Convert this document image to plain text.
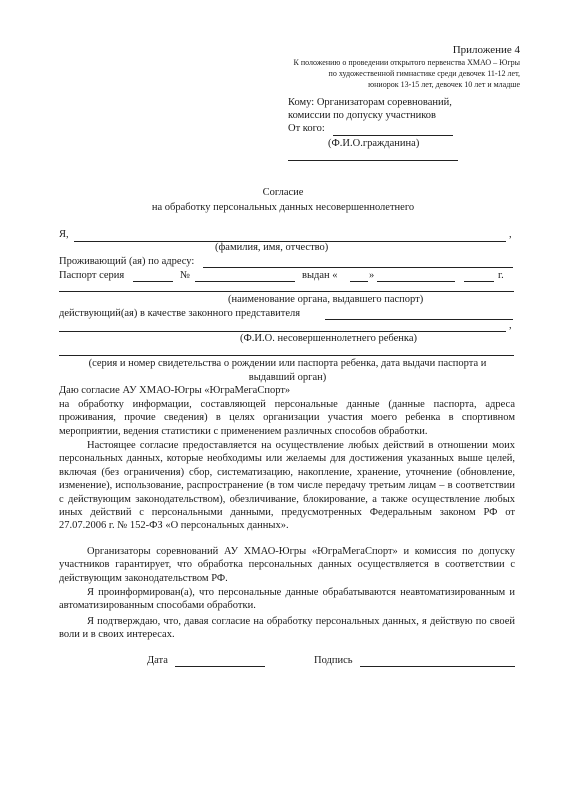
Приложение 4
К положению о проведении открытого первенства ХМАО – Югры
по художественной гимнастике среди девочек 11-12 лет,
юниорок 13-15 лет, девочек 10 лет и младше
Кому: Организаторам соревнований,
комиссии по допуску участников
От кого:
(Ф.И.О.гражданина)
Согласие
на обработку персональных данных несовершеннолетнего
Я,	,
(фамилия, имя, отчество)
Проживающий (ая) по адресу:
Паспорт серия	№	выдан «	»	г.
(наименование органа, выдавшего паспорт)
действующий(ая) в качестве законного представителя
,
(Ф.И.О. несовершеннолетнего ребенка)
(серия и номер свидетельства о рождении или паспорта ребенка, дата выдачи паспорта и
выдавший орган)
Даю согласие АУ ХМАО-Югры «ЮграМегаСпорт»
на обработку информации, составляющей персональные данные (данные паспорта, адреса проживания, прочие сведения) в целях организации участия моего ребенка в спортивном мероприятии, ведения статистики с применением различных способов обработки.
Настоящее согласие предоставляется на осуществление любых действий в отношении моих персональных данных, которые необходимы или желаемы для достижения указанных выше целей, включая (без ограничения) сбор, систематизацию, накопление, хранение, уточнение (обновление, изменение), использование, распространение (в том числе передачу третьим лицам – в соответствии с действующим законодательством), обезличивание, блокирование, а также осуществление любых иных действий с персональными данными, предусмотренных Федеральным законом РФ от 27.07.2006 г. № 152-ФЗ «О персональных данных».
Организаторы соревнований АУ ХМАО-Югры «ЮграМегаСпорт» и комиссия по допуску участников гарантирует, что обработка персональных данных осуществляется в соответствии с действующим законодательством РФ.
Я проинформирован(а), что персональные данные обрабатываются неавтоматизированным и автоматизированным способами обработки.
Я подтверждаю, что, давая согласие на обработку персональных данных, я действую по своей воли и в своих интересах.
Дата	Подпись
